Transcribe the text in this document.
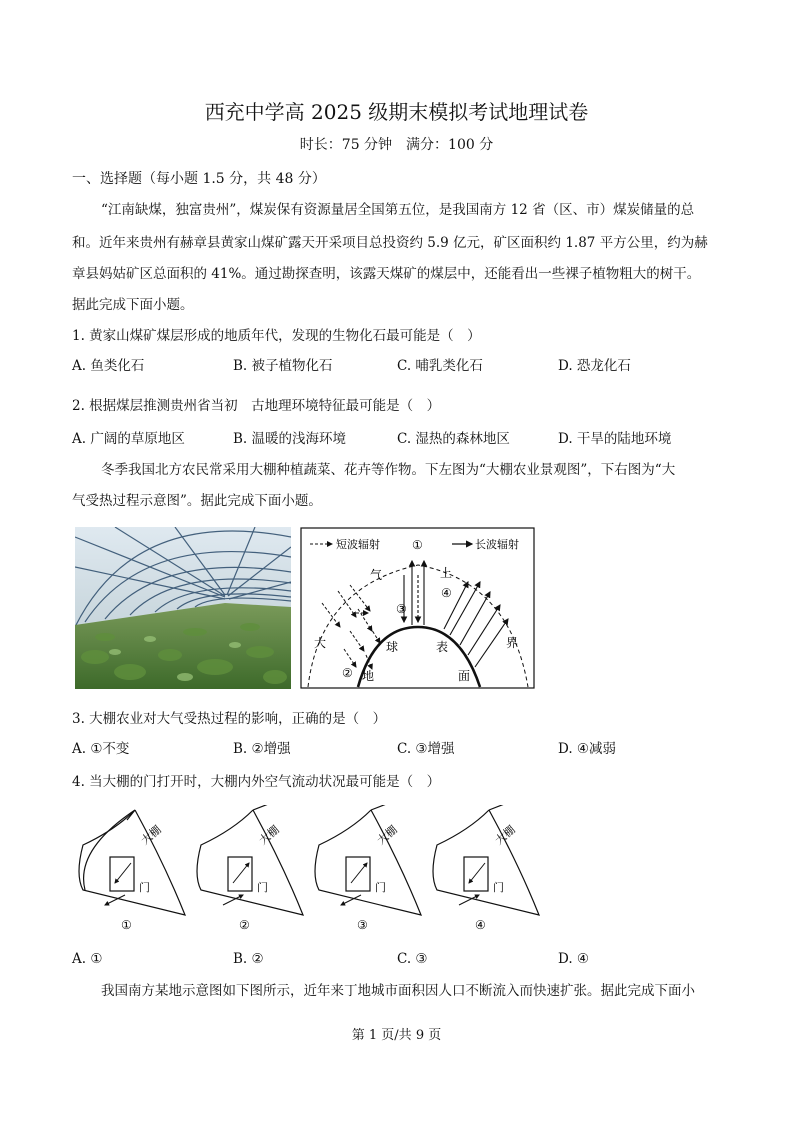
西充中学高 2025 级期末模拟考试地理试卷
时长：75 分钟　满分：100 分
一、选择题（每小题 1.5 分，共 48 分）
“江南缺煤，独富贵州”，煤炭保有资源量居全国第五位，是我国南方 12 省（区、市）煤炭储量的总
和。近年来贵州有赫章县黄家山煤矿露天开采项目总投资约 5.9 亿元，矿区面积约 1.87 平方公里，约为赫
章县妈姑矿区总面积的 41%。通过勘探查明，该露天煤矿的煤层中，还能看出一些裸子植物粗大的树干。
据此完成下面小题。
1. 黄家山煤矿煤层形成的地质年代，发现的生物化石最可能是（　）
A. 鱼类化石	B. 被子植物化石	C. 哺乳类化石	D. 恐龙化石
2. 根据煤层推测贵州省当初　古地理环境特征最可能是（　）
A. 广阔的草原地区	B. 温暖的浅海环境	C. 湿热的森林地区	D. 干旱的陆地环境
冬季我国北方农民常采用大棚种植蔬菜、花卉等作物。下左图为“大棚农业景观图”，下右图为“大
气受热过程示意图”。据此完成下面小题。
短波辐射	长波辐射
①
③
④
②
大
气	上
界
地
球	表
面
3. 大棚农业对大气受热过程的影响，正确的是（　）
A. ①不变	B. ②增强	C. ③增强	D. ④减弱
4. 当大棚的门打开时，大棚内外空气流动状况最可能是（　）
门
大棚
①
门
大棚
②
门
大棚
③
门
大棚
④
A. ①	B. ②	C. ③	D. ④
我国南方某地示意图如下图所示，近年来丁地城市面积因人口不断流入而快速扩张。据此完成下面小
第 1 页/共 9 页
